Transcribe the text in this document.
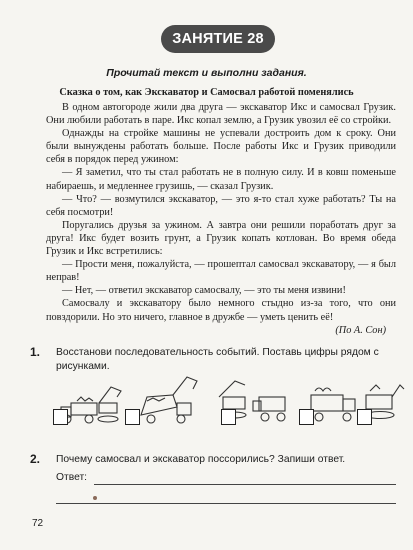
ЗАНЯТИЕ 28
Прочитай текст и выполни задания.
Сказка о том, как Экскаватор и Самосвал работой поменялись

В одном автогороде жили два друга — экскаватор Икс и самосвал Грузик. Они любили работать в паре. Икс копал землю, а Грузик увозил её со стройки.

Однажды на стройке машины не успевали достроить дом к сроку. Они были вынуждены работать больше. После работы Икс и Грузик приводили себя в порядок перед ужином:

— Я заметил, что ты стал работать не в полную силу. И в ковш поменьше набираешь, и медленнее грузишь, — сказал Грузик.

— Что? — возмутился экскаватор, — это я-то стал хуже работать? Ты на себя посмотри!

Поругались друзья за ужином. А завтра они решили поработать друг за друга! Икс будет возить грунт, а Грузик копать котлован. Во время обеда Грузик и Икс встретились:

— Прости меня, пожалуйста, — прошептал самосвал экскаватору, — я был неправ!

— Нет, — ответил экскаватор самосвалу, — это ты меня извини!

Самосвалу и экскаватору было немного стыдно из-за того, что они повздорили. Но это ничего, главное в дружбе — уметь ценить её!

(По А. Сон)

1. Восстанови последовательность событий. Поставь цифры рядом с рисунками.
2. Почему самосвал и экскаватор поссорились? Запиши ответ.
Ответ:
72
